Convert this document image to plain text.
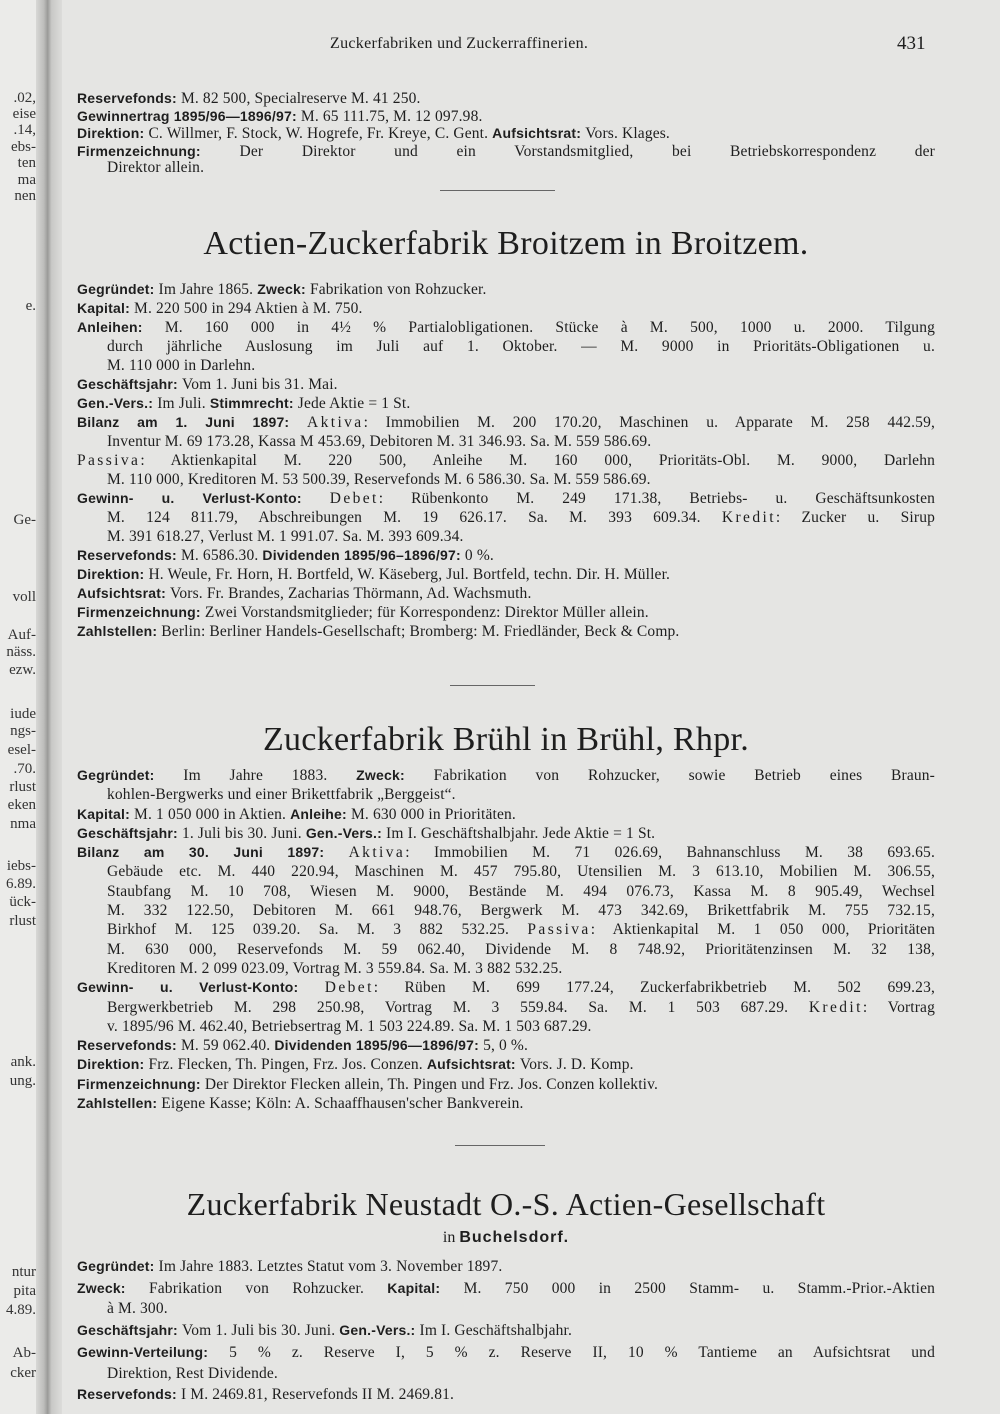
.02,
eise
.14,
ebs-
ten
ma
nen
e.
Ge-
voll
Auf-
näss.
ezw.
iude
ngs-
esel-
.70.
rlust
eken
nma
iebs-
6.89.
ück-
rlust
ank.
ung.
ntur
pita
4.89.
Ab-
cker
Zuckerfabriken und Zuckerraffinerien.	431
Reservefonds: M. 82 500, Specialreserve M. 41 250.
Gewinnertrag 1895/96—1896/97: M. 65 111.75, M. 12 097.98.
Direktion: C. Willmer, F. Stock, W. Hogrefe, Fr. Kreye, C. Gent. Aufsichtsrat: Vors. Klages.
Firmenzeichnung: Der Direktor und ein Vorstandsmitglied, bei Betriebskorrespondenz der
Direktor allein.
Actien-Zuckerfabrik Broitzem in Broitzem.
Gegründet: Im Jahre 1865. Zweck: Fabrikation von Rohzucker.
Kapital: M. 220 500 in 294 Aktien à M. 750.
Anleihen: M. 160 000 in 4½ % Partialobligationen. Stücke à M. 500, 1000 u. 2000. Tilgung
durch jährliche Auslosung im Juli auf 1. Oktober. — M. 9000 in Prioritäts-Obligationen u.
M. 110 000 in Darlehn.
Geschäftsjahr: Vom 1. Juni bis 31. Mai.
Gen.-Vers.: Im Juli. Stimmrecht: Jede Aktie = 1 St.
Bilanz am 1. Juni 1897: Aktiva: Immobilien M. 200 170.20, Maschinen u. Apparate M. 258 442.59,
Inventur M. 69 173.28, Kassa M 453.69, Debitoren M. 31 346.93. Sa. M. 559 586.69.
Passiva: Aktienkapital M. 220 500, Anleihe M. 160 000, Prioritäts-Obl. M. 9000, Darlehn
M. 110 000, Kreditoren M. 53 500.39, Reservefonds M. 6 586.30. Sa. M. 559 586.69.
Gewinn- u. Verlust-Konto: Debet: Rübenkonto M. 249 171.38, Betriebs- u. Geschäftsunkosten
M. 124 811.79, Abschreibungen M. 19 626.17. Sa. M. 393 609.34. Kredit: Zucker u. Sirup
M. 391 618.27, Verlust M. 1 991.07. Sa. M. 393 609.34.
Reservefonds: M. 6586.30. Dividenden 1895/96–1896/97: 0 %.
Direktion: H. Weule, Fr. Horn, H. Bortfeld, W. Käseberg, Jul. Bortfeld, techn. Dir. H. Müller.
Aufsichtsrat: Vors. Fr. Brandes, Zacharias Thörmann, Ad. Wachsmuth.
Firmenzeichnung: Zwei Vorstandsmitglieder; für Korrespondenz: Direktor Müller allein.
Zahlstellen: Berlin: Berliner Handels-Gesellschaft; Bromberg: M. Friedländer, Beck & Comp.
Zuckerfabrik Brühl in Brühl, Rhpr.
Gegründet: Im Jahre 1883. Zweck: Fabrikation von Rohzucker, sowie Betrieb eines Braun-
kohlen-Bergwerks und einer Brikettfabrik „Berggeist“.
Kapital: M. 1 050 000 in Aktien. Anleihe: M. 630 000 in Prioritäten.
Geschäftsjahr: 1. Juli bis 30. Juni. Gen.-Vers.: Im I. Geschäftshalbjahr. Jede Aktie = 1 St.
Bilanz am 30. Juni 1897: Aktiva: Immobilien M. 71 026.69, Bahnanschluss M. 38 693.65.
Gebäude etc. M. 440 220.94, Maschinen M. 457 795.80, Utensilien M. 3 613.10, Mobilien M. 306.55,
Staubfang M. 10 708, Wiesen M. 9000, Bestände M. 494 076.73, Kassa M. 8 905.49, Wechsel
M. 332 122.50, Debitoren M. 661 948.76, Bergwerk M. 473 342.69, Brikettfabrik M. 755 732.15,
Birkhof M. 125 039.20. Sa. M. 3 882 532.25. Passiva: Aktienkapital M. 1 050 000, Prioritäten
M. 630 000, Reservefonds M. 59 062.40, Dividende M. 8 748.92, Prioritätenzinsen M. 32 138,
Kreditoren M. 2 099 023.09, Vortrag M. 3 559.84. Sa. M. 3 882 532.25.
Gewinn- u. Verlust-Konto: Debet: Rüben M. 699 177.24, Zuckerfabrikbetrieb M. 502 699.23,
Bergwerkbetrieb M. 298 250.98, Vortrag M. 3 559.84. Sa. M. 1 503 687.29. Kredit: Vortrag
v. 1895/96 M. 462.40, Betriebsertrag M. 1 503 224.89. Sa. M. 1 503 687.29.
Reservefonds: M. 59 062.40. Dividenden 1895/96—1896/97: 5, 0 %.
Direktion: Frz. Flecken, Th. Pingen, Frz. Jos. Conzen. Aufsichtsrat: Vors. J. D. Komp.
Firmenzeichnung: Der Direktor Flecken allein, Th. Pingen und Frz. Jos. Conzen kollektiv.
Zahlstellen: Eigene Kasse; Köln: A. Schaaffhausen'scher Bankverein.
Zuckerfabrik Neustadt O.-S. Actien-Gesellschaft
in Buchelsdorf.
Gegründet: Im Jahre 1883. Letztes Statut vom 3. November 1897.
Zweck: Fabrikation von Rohzucker. Kapital: M. 750 000 in 2500 Stamm- u. Stamm.-Prior.-Aktien
à M. 300.
Geschäftsjahr: Vom 1. Juli bis 30. Juni. Gen.-Vers.: Im I. Geschäftshalbjahr.
Gewinn-Verteilung: 5 % z. Reserve I, 5 % z. Reserve II, 10 % Tantieme an Aufsichtsrat und
Direktion, Rest Dividende.
Reservefonds: I M. 2469.81, Reservefonds II M. 2469.81.
